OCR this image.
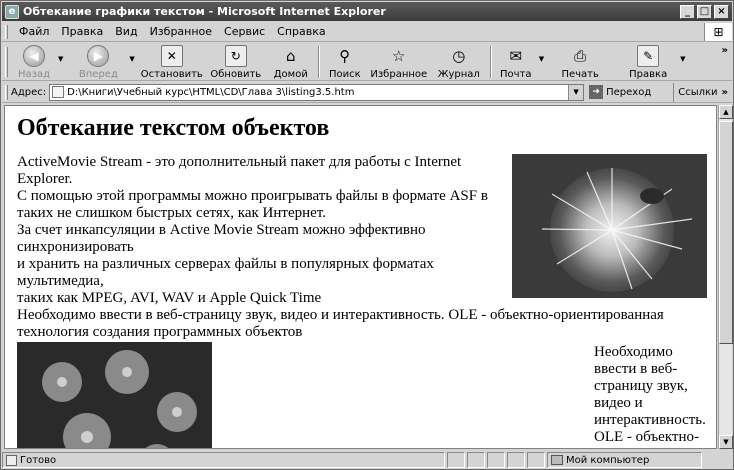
e Обтекание графики текстом - Microsoft Internet Explorer	_ □ ×
Файл	Правка	Вид	Избранное	Сервис	Справка	⊞
◀
Назад
▼	▶
Вперед
▼	✕
Остановить
↻
Обновить
⌂
Домой
⚲
Поиск
☆
Избранное
◷
Журнал
✉
Почта
▼	⎙
Печать
✎
Правка
▼
»
Адрес: D:\Книги\Учебный курс\HTML\CD\Глава 3\listing3.5.htm	▼	➜ Переход	Ссылки »
Обтекание текстом объектов

ActiveMovie Stream - это дополнительный пакет для работы с Internet Explorer.

С помощью этой программы можно проигрывать файлы в формате ASF в таких не слишком быстрых сетях, как Интернет.

За счет инкапсуляции в Active Movie Stream можно эффективно синхронизировать

и хранить на различных серверах файлы в популярных форматах мультимедиа,

таких как MPEG, AVI, WAV и Apple Quick Time

Необходимо ввести в веб-страницу звук, видео и интерактивность. OLE - объектно-ориентированная технология создания программных объектов

Необходимо ввести в веб-страницу звук, видео и интерактивность. OLE - объектно-
▲
▼
Готово	Мой компьютер
